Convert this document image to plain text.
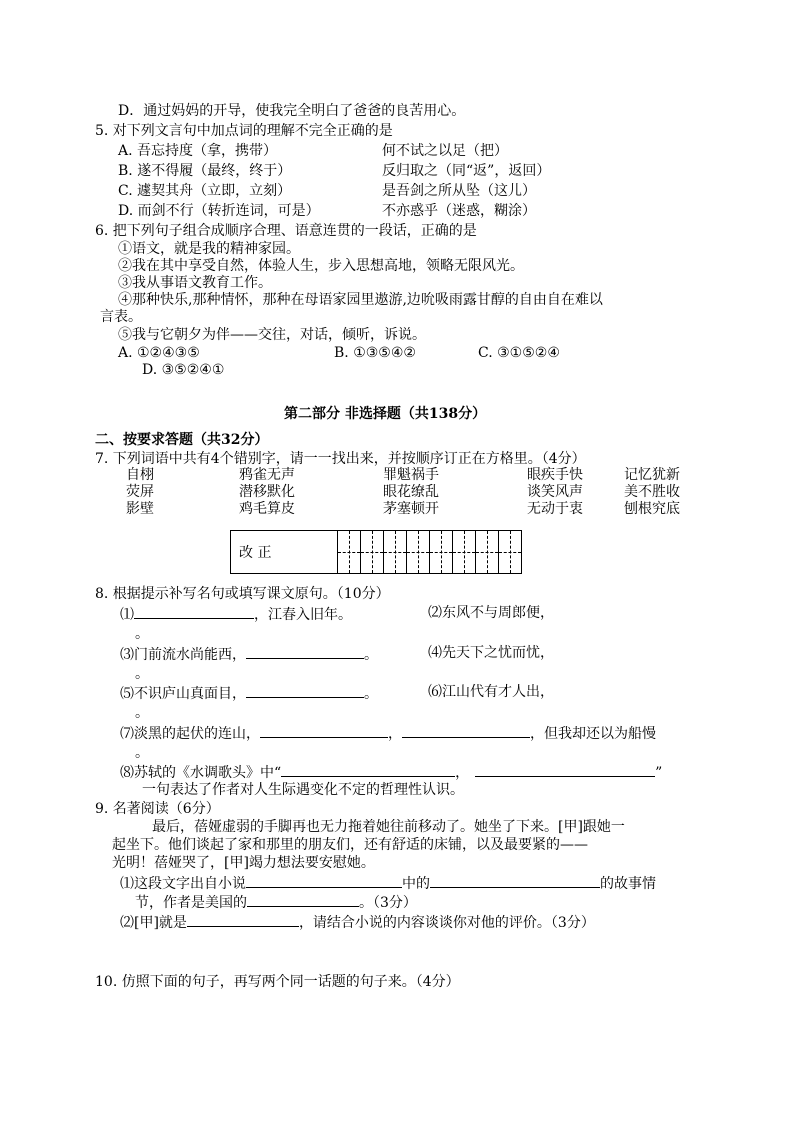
D．通过妈妈的开导，使我完全明白了爸爸的良苦用心。
5. 对下列文言句中加点词的理解不完全正确的是
A. 吾忘持度（拿，携带）	何不试之以足（把）
B. 遂不得履（最终，终于）	反归取之（同“返”，返回）
C. 遽契其舟（立即，立刻）	是吾剑之所从坠（这儿）
D. 而剑不行（转折连词，可是）	不亦惑乎（迷惑，糊涂）
6. 把下列句子组合成顺序合理、语意连贯的一段话，正确的是
①语文，就是我的精神家园。
②我在其中享受自然，体验人生，步入思想高地，领略无限风光。
③我从事语文教育工作。
④那种快乐,那种情怀，那种在母语家园里遨游,边吮吸雨露甘醇的自由自在难以
言表。
⑤我与它朝夕为伴——交往，对话，倾听，诉说。
A. ①②④③⑤	B. ①③⑤④②	C. ③①⑤②④
D. ③⑤②④①
第二部分 非选择题（共138分）
二、按要求答题（共32分）
7. 下列词语中共有4个错别字，请一一找出来，并按顺序订正在方格里。（4分）
自栩	鸦雀无声	罪魁祸手	眼疾手快	记忆犹新
荧屏	潜移默化	眼花缭乱	谈笑风声	美不胜收
影壁	鸡毛算皮	茅塞顿开	无动于衷	刨根究底
改 正								
8. 根据提示补写名句或填写课文原句。（10分）
⑴	，江春入旧年。	⑵东风不与周郎便，
。
⑶门前流水尚能西，	。	⑷先天下之忧而忧，
。
⑸不识庐山真面目，	。	⑹江山代有才人出，
。
⑺淡黑的起伏的连山，	，	，但我却还以为船慢
。
⑻苏轼的《水调歌头》中“	，	”
一句表达了作者对人生际遇变化不定的哲理性认识。
9. 名著阅读（6分）
最后，蓓娅虚弱的手脚再也无力拖着她往前移动了。她坐了下来。[甲]跟她一
起坐下。他们谈起了家和那里的朋友们，还有舒适的床铺，以及最要紧的——
光明！蓓娅哭了，[甲]竭力想法要安慰她。
⑴这段文字出自小说	中的	的故事情
节，作者是美国的	。（3分）
⑵[甲]就是	，请结合小说的内容谈谈你对他的评价。（3分）
10. 仿照下面的句子，再写两个同一话题的句子来。（4分）
